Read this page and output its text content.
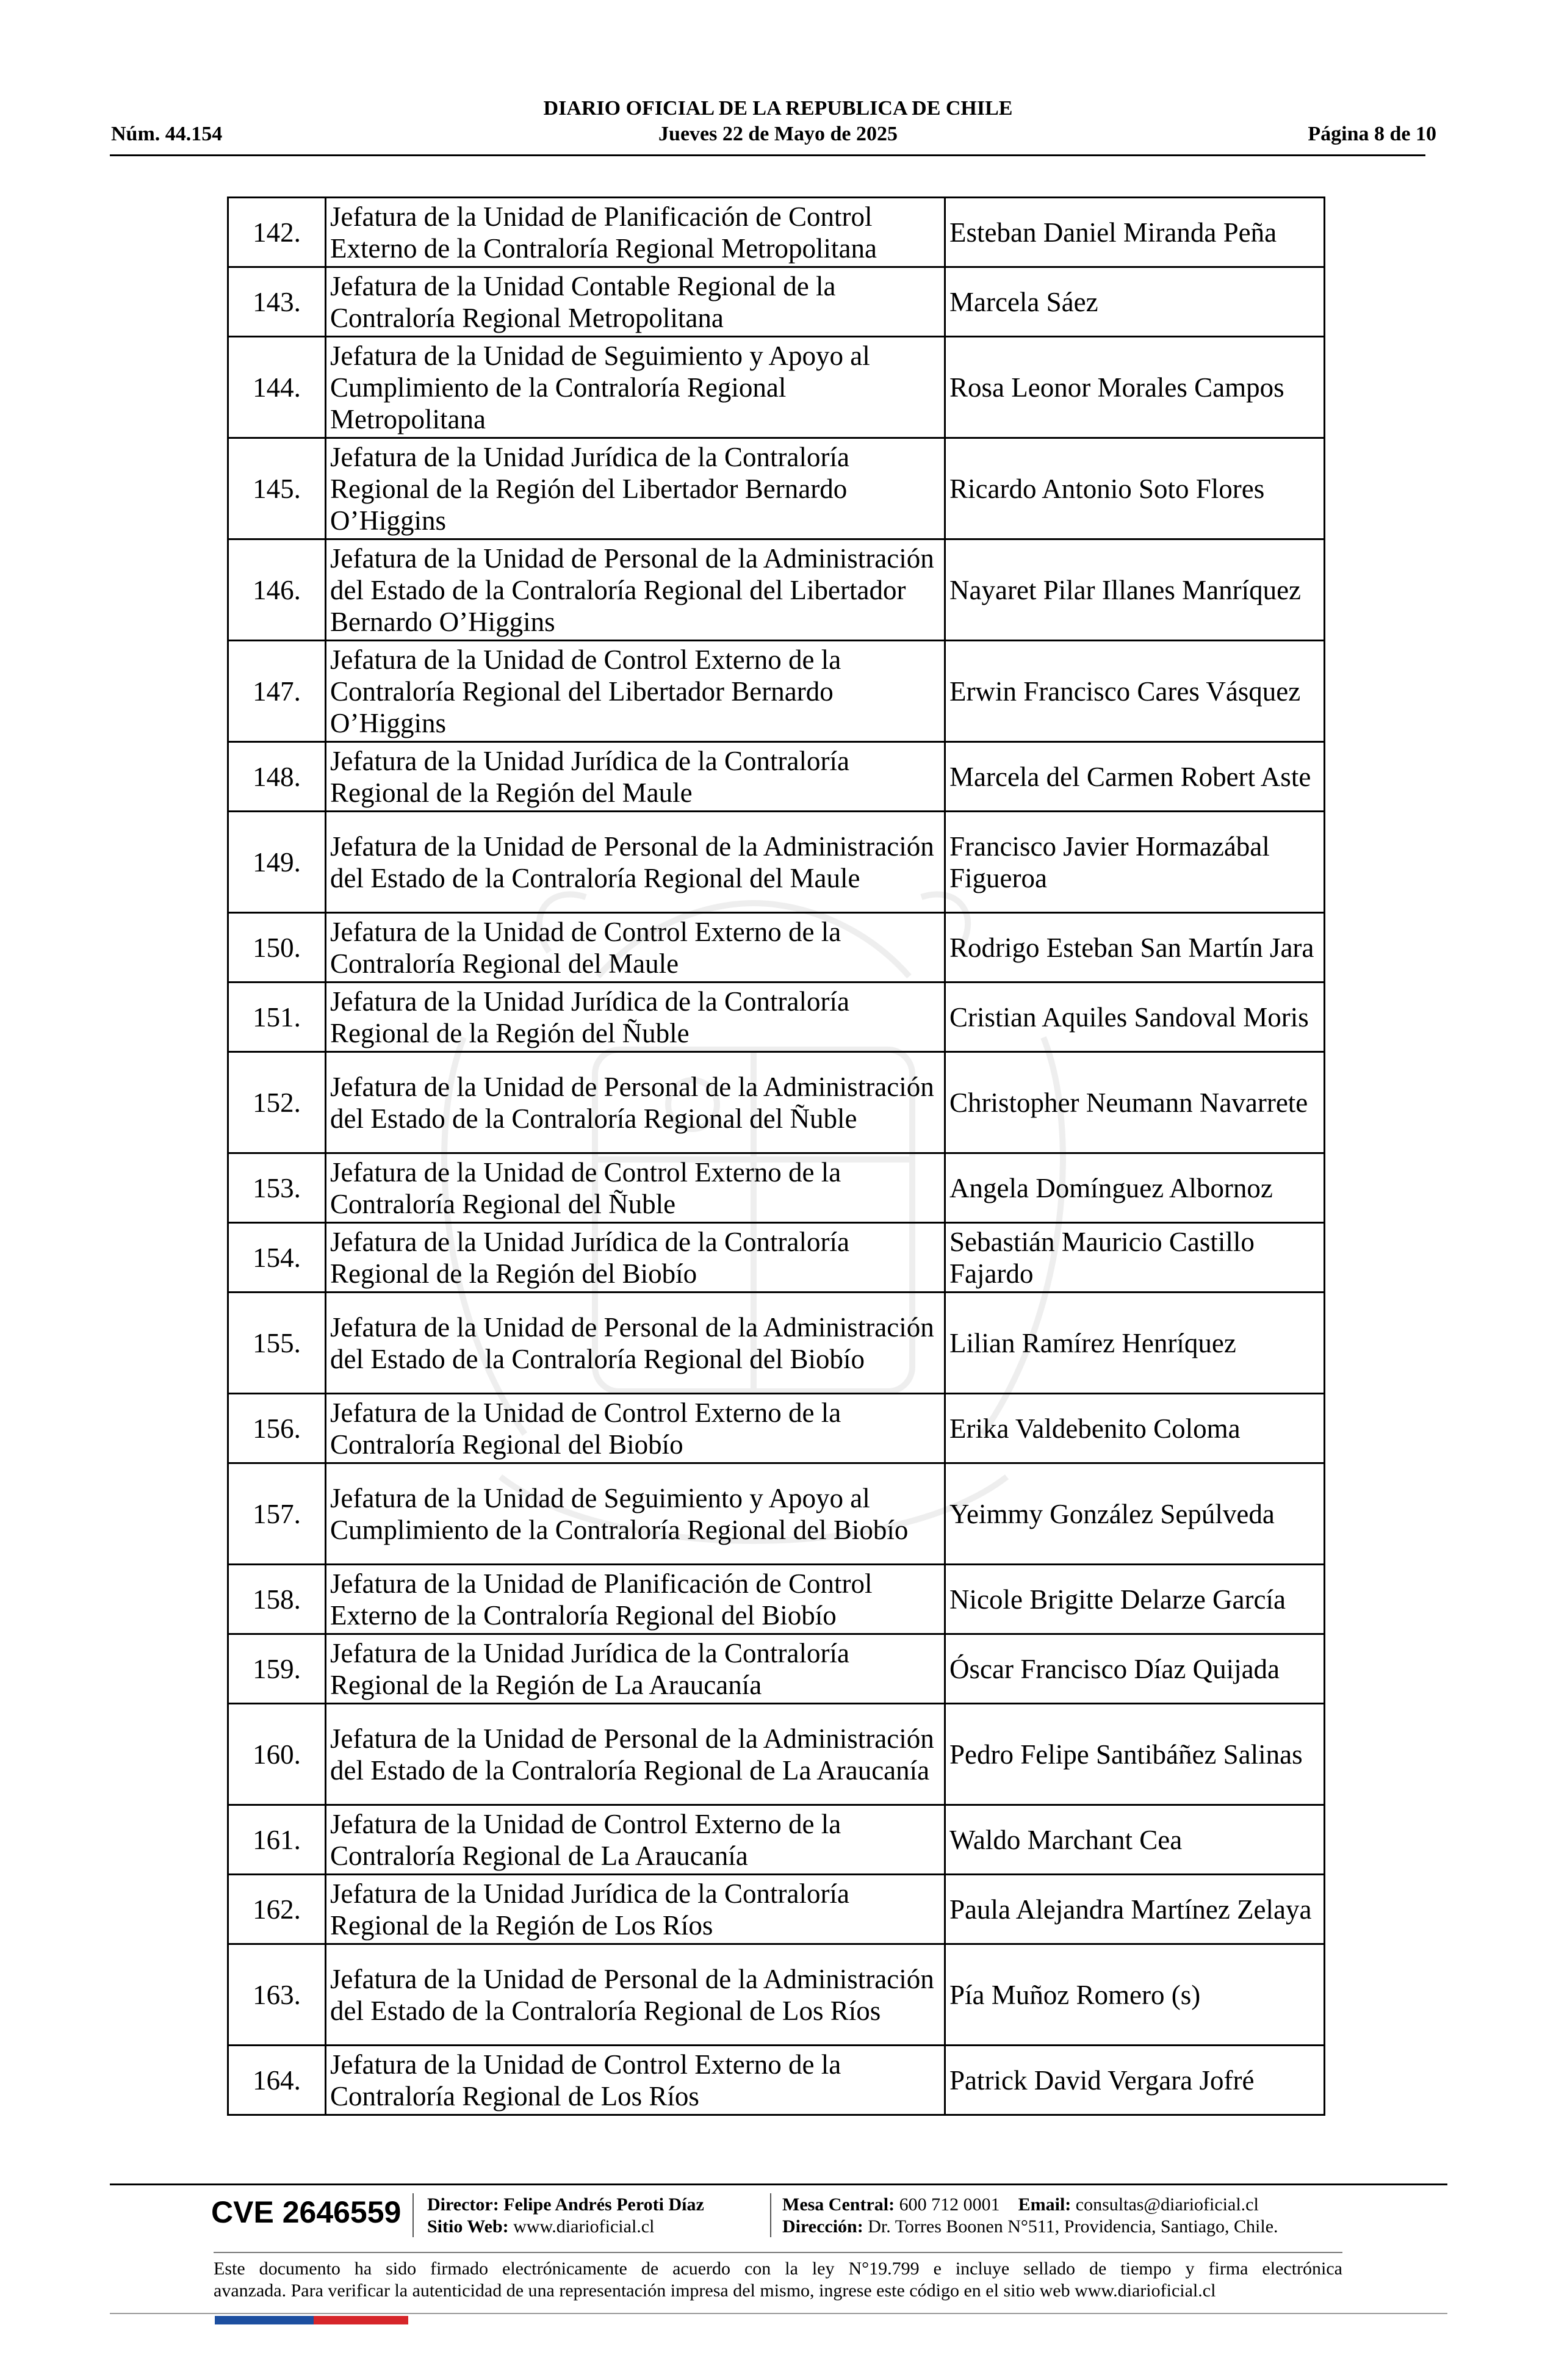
DIARIO OFICIAL DE LA REPUBLICA DE CHILE
Núm. 44.154	Jueves 22 de Mayo de 2025	Página 8 de 10
142.	Jefatura de la Unidad de Planificación de Control Externo de la Contraloría Regional Metropolitana	Esteban Daniel Miranda Peña
143.	Jefatura de la Unidad Contable Regional de la Contraloría Regional Metropolitana	Marcela Sáez
144.	Jefatura de la Unidad de Seguimiento y Apoyo al Cumplimiento de la Contraloría Regional Metropolitana	Rosa Leonor Morales Campos
145.	Jefatura de la Unidad Jurídica de la Contraloría Regional de la Región del Libertador Bernardo O’Higgins	Ricardo Antonio Soto Flores
146.	Jefatura de la Unidad de Personal de la Administración del Estado de la Contraloría Regional del Libertador Bernardo O’Higgins	Nayaret Pilar Illanes Manríquez
147.	Jefatura de la Unidad de Control Externo de la Contraloría Regional del Libertador Bernardo O’Higgins	Erwin Francisco Cares Vásquez
148.	Jefatura de la Unidad Jurídica de la Contraloría Regional de la Región del Maule	Marcela del Carmen Robert Aste
149.	Jefatura de la Unidad de Personal de la Administración del Estado de la Contraloría Regional del Maule	Francisco Javier Hormazábal Figueroa
150.	Jefatura de la Unidad de Control Externo de la Contraloría Regional del Maule	Rodrigo Esteban San Martín Jara
151.	Jefatura de la Unidad Jurídica de la Contraloría Regional de la Región del Ñuble	Cristian Aquiles Sandoval Moris
152.	Jefatura de la Unidad de Personal de la Administración del Estado de la Contraloría Regional del Ñuble	Christopher Neumann Navarrete
153.	Jefatura de la Unidad de Control Externo de la Contraloría Regional del Ñuble	Angela Domínguez Albornoz
154.	Jefatura de la Unidad Jurídica de la Contraloría Regional de la Región del Biobío	Sebastián Mauricio Castillo Fajardo
155.	Jefatura de la Unidad de Personal de la Administración del Estado de la Contraloría Regional del Biobío	Lilian Ramírez Henríquez
156.	Jefatura de la Unidad de Control Externo de la Contraloría Regional del Biobío	Erika Valdebenito Coloma
157.	Jefatura de la Unidad de Seguimiento y Apoyo al Cumplimiento de la Contraloría Regional del Biobío	Yeimmy González Sepúlveda
158.	Jefatura de la Unidad de Planificación de Control Externo de la Contraloría Regional del Biobío	Nicole Brigitte Delarze García
159.	Jefatura de la Unidad Jurídica de la Contraloría Regional de la Región de La Araucanía	Óscar Francisco Díaz Quijada
160.	Jefatura de la Unidad de Personal de la Administración del Estado de la Contraloría Regional de La Araucanía	Pedro Felipe Santibáñez Salinas
161.	Jefatura de la Unidad de Control Externo de la Contraloría Regional de La Araucanía	Waldo Marchant Cea
162.	Jefatura de la Unidad Jurídica de la Contraloría Regional de la Región de Los Ríos	Paula Alejandra Martínez Zelaya
163.	Jefatura de la Unidad de Personal de la Administración del Estado de la Contraloría Regional de Los Ríos	Pía Muñoz Romero (s)
164.	Jefatura de la Unidad de Control Externo de la Contraloría Regional de Los Ríos	Patrick David Vergara Jofré
CVE 2646559 Director: Felipe Andrés Peroti Díaz
Sitio Web: www.diarioficial.cl
Mesa Central: 600 712 0001 Email: consultas@diarioficial.cl
Dirección: Dr. Torres Boonen N°511, Providencia, Santiago, Chile.
Este documento ha sido firmado electrónicamente de acuerdo con la ley N°19.799 e incluye sellado de tiempo y firma electrónica
avanzada. Para verificar la autenticidad de una representación impresa del mismo, ingrese este código en el sitio web www.diarioficial.cl
